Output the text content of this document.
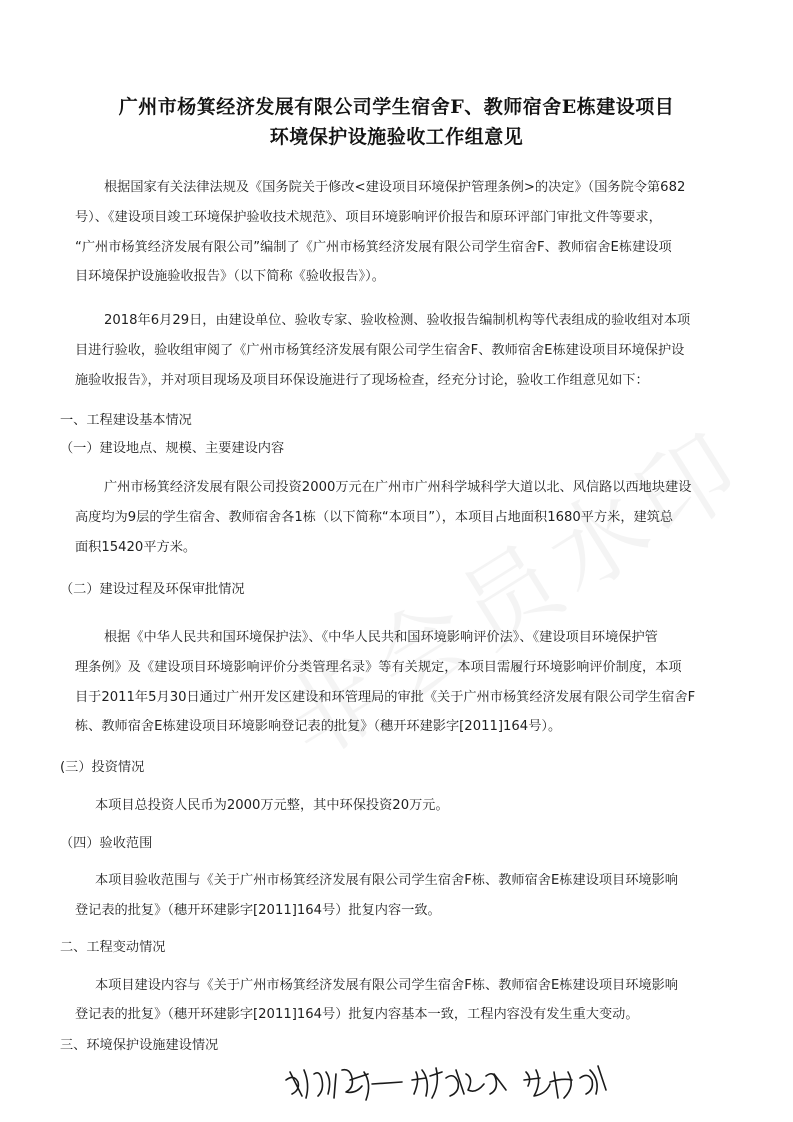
广州市杨箕经济发展有限公司学生宿舍F、教师宿舍E栋建设项目
环境保护设施验收工作组意见
根据国家有关法律法规及《国务院关于修改<建设项目环境保护管理条例>的决定》（国务院令第682
号）、《建设项目竣工环境保护验收技术规范》、项目环境影响评价报告和原环评部门审批文件等要求，
“广州市杨箕经济发展有限公司”编制了《广州市杨箕经济发展有限公司学生宿舍F、教师宿舍E栋建设项
目环境保护设施验收报告》（以下简称《验收报告》）。
2018年6月29日，由建设单位、验收专家、验收检测、验收报告编制机构等代表组成的验收组对本项
目进行验收，验收组审阅了《广州市杨箕经济发展有限公司学生宿舍F、教师宿舍E栋建设项目环境保护设
施验收报告》，并对项目现场及项目环保设施进行了现场检查，经充分讨论，验收工作组意见如下：
一、工程建设基本情况
（一）建设地点、规模、主要建设内容
广州市杨箕经济发展有限公司投资2000万元在广州市广州科学城科学大道以北、风信路以西地块建设
高度均为9层的学生宿舍、教师宿舍各1栋（以下简称“本项目”），本项目占地面积1680平方米，建筑总
面积15420平方米。
（二）建设过程及环保审批情况
根据《中华人民共和国环境保护法》、《中华人民共和国环境影响评价法》、《建设项目环境保护管
理条例》及《建设项目环境影响评价分类管理名录》等有关规定，本项目需履行环境影响评价制度，本项
目于2011年5月30日通过广州开发区建设和环管理局的审批《关于广州市杨箕经济发展有限公司学生宿舍F
栋、教师宿舍E栋建设项目环境影响登记表的批复》（穗开环建影字[2011]164号）。
(三）投资情况
本项目总投资人民币为2000万元整，其中环保投资20万元。
（四）验收范围
本项目验收范围与《关于广州市杨箕经济发展有限公司学生宿舍F栋、教师宿舍E栋建设项目环境影响
登记表的批复》（穗开环建影字[2011]164号）批复内容一致。
二、工程变动情况
本项目建设内容与《关于广州市杨箕经济发展有限公司学生宿舍F栋、教师宿舍E栋建设项目环境影响
登记表的批复》（穗开环建影字[2011]164号）批复内容基本一致，工程内容没有发生重大变动。
三、环境保护设施建设情况
